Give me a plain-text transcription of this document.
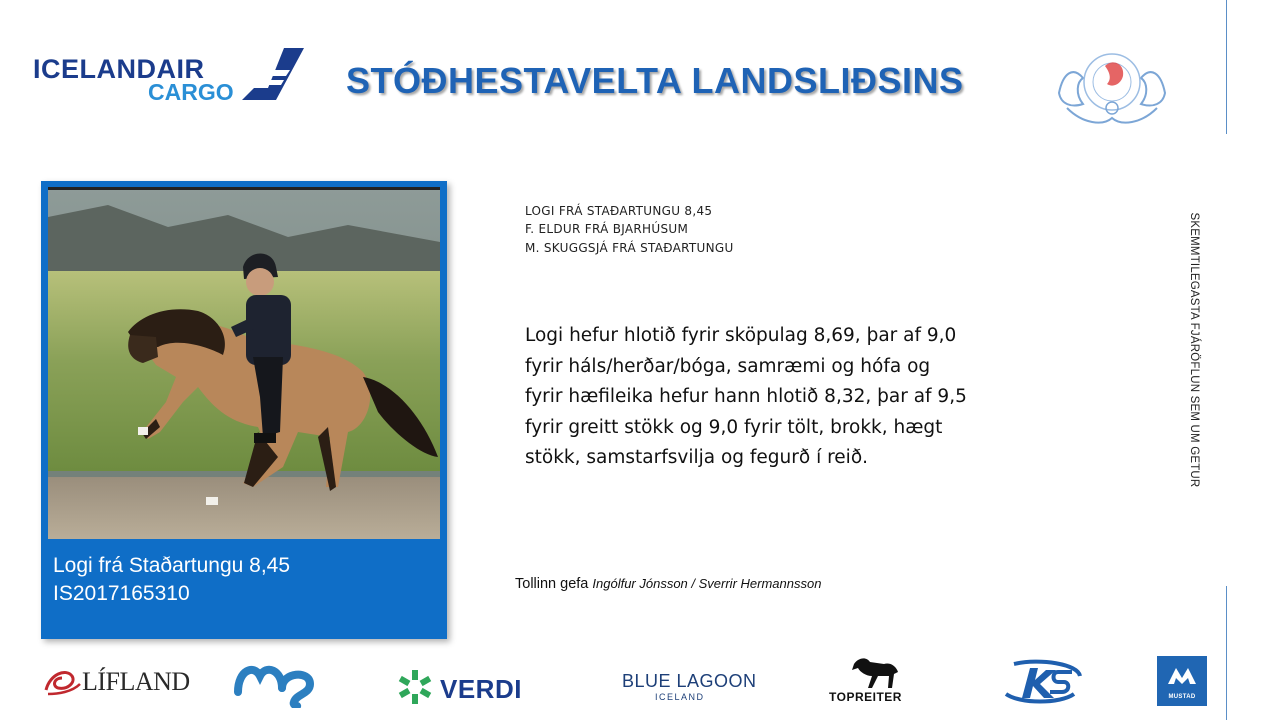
ICELANDAIR
CARGO	STÓÐHESTAVELTA LANDSLIÐSINS
Logi frá Staðartungu 8,45
IS2017165310
LOGI FRÁ STAÐARTUNGU 8,45
F. ELDUR FRÁ BJARHÚSUM
M. SKUGGSJÁ FRÁ STAÐARTUNGU
Logi hefur hlotið fyrir sköpulag 8,69, þar af 9,0
fyrir háls/herðar/bóga, samræmi og hófa og
fyrir hæfileika hefur hann hlotið 8,32, þar af 9,5
fyrir greitt stökk og 9,0 fyrir tölt, brokk, hægt
stökk, samstarfsvilja og fegurð í reið.
Tollinn gefa Ingólfur Jónsson / Sverrir Hermannsson
SKEMMTILEGASTA FJÁRÖFLUN SEM UM GETUR
LÍFLAND	VERDI	BLUE LAGOON
ICELAND	TOPREITER	MUSTAD
